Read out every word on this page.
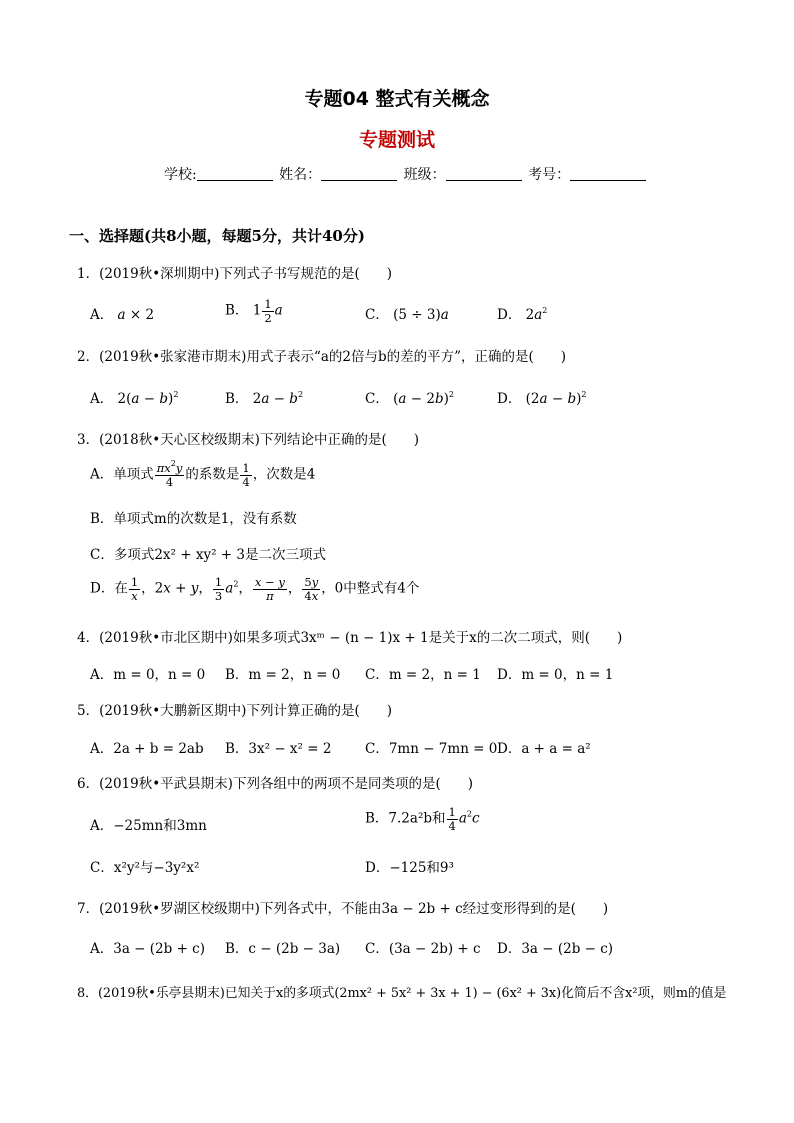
专题04 整式有关概念
专题测试
学校:	姓名：	班级：	考号：
一、选择题(共8小题，每题5分，共计40分)
1．(2019秋•深圳期中)下列式子书写规范的是(　　)
A． a × 2	B． $1 \frac{1}{2}$ a	C． (5 ÷ 3)a	D． $2a^2$
2．(2019秋•张家港市期末)用式子表示“a的2倍与b的差的平方”，正确的是(　　)
A． $2(a - b)^2$	B． $2a - b^2$	C． $(a - 2b)^2$	D． $(2a - b)^2$
3．(2018秋•天心区校级期末)下列结论中正确的是(　　)
A．单项式 $\frac{\pi x^2y}{4}$ 的系数是 $\frac{1}{4}$ ，次数是4
B．单项式m的次数是1，没有系数
C．多项式2x² + xy² + 3是二次三项式
D．在 $\frac{1}{x}$ ，2x + y， $\frac{1}{3} a^2$， $\frac{x - y}{\pi}$ ， $\frac{5y}{4x}$ ，0中整式有4个
4．(2019秋•市北区期中)如果多项式3xᵐ − (n − 1)x + 1是关于x的二次二项式，则(　　)
A．m = 0，n = 0 B．m = 2，n = 0 C．m = 2，n = 1 D．m = 0，n = 1
5．(2019秋•大鹏新区期中)下列计算正确的是(　　)
A．2a + b = 2ab B．3x² − x² = 2 C．7mn − 7mn = 0 D．a + a = a²
6．(2019秋•平武县期末)下列各组中的两项不是同类项的是(　　)
A．−25mn和3mn	B．7.2a²b和 $\frac{1}{4} a^2c$
C．x²y²与−3y²x²	D．−125和9³
7．(2019秋•罗湖区校级期中)下列各式中，不能由3a − 2b + c经过变形得到的是(　　)
A．3a − (2b + c) B．c − (2b − 3a) C．(3a − 2b) + c D．3a − (2b − c)
8．(2019秋•乐亭县期末)已知关于x的多项式(2mx² + 5x² + 3x + 1) − (6x² + 3x)化简后不含x²项，则m的值是
